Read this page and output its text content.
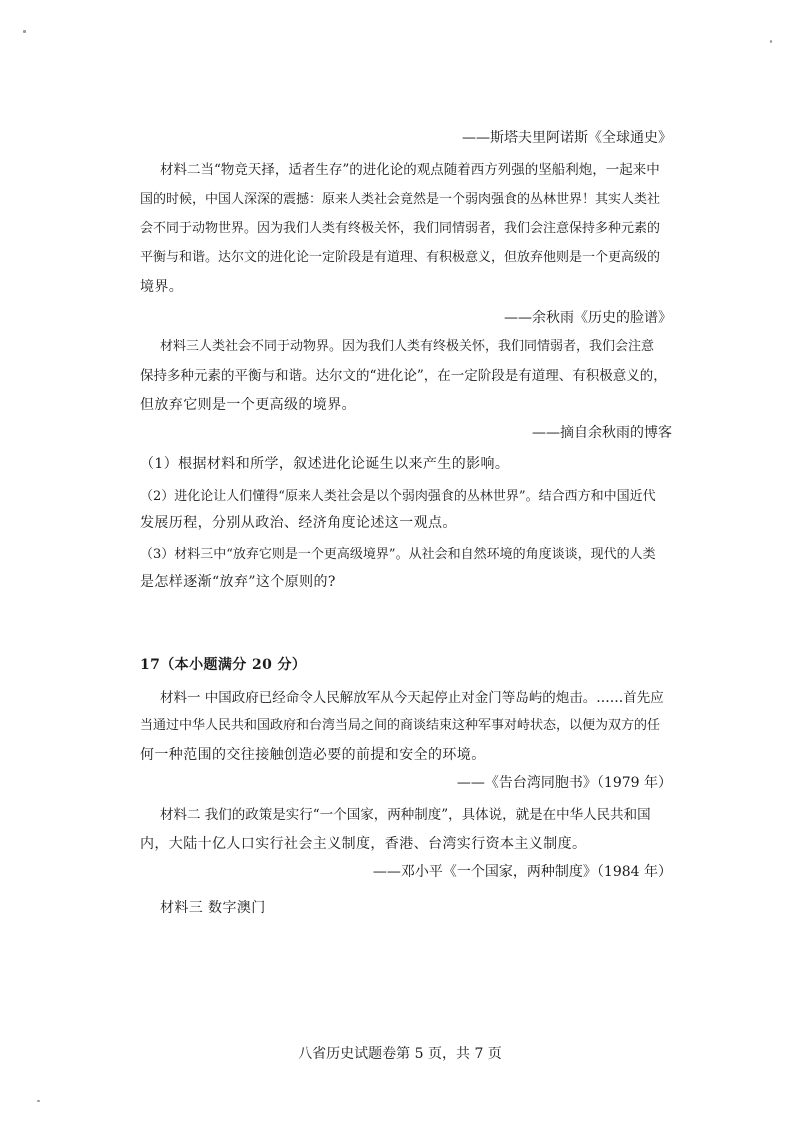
——斯塔夫里阿诺斯《全球通史》
材料二当“物竞天择，适者生存”的进化论的观点随着西方列强的坚船利炮，一起来中
国的时候，中国人深深的震撼：原来人类社会竟然是一个弱肉强食的丛林世界！其实人类社
会不同于动物世界。因为我们人类有终极关怀，我们同情弱者，我们会注意保持多种元素的
平衡与和谐。达尔文的进化论一定阶段是有道理、有积极意义，但放弃他则是一个更高级的
境界。
——余秋雨《历史的脸谱》
材料三人类社会不同于动物界。因为我们人类有终极关怀，我们同情弱者，我们会注意
保持多种元素的平衡与和谐。达尔文的“进化论”，在一定阶段是有道理、有积极意义的，
但放弃它则是一个更高级的境界。
——摘自余秋雨的博客
（1）根据材料和所学，叙述进化论诞生以来产生的影响。
（2）进化论让人们懂得“原来人类社会是以个弱肉强食的丛林世界”。结合西方和中国近代
发展历程，分别从政治、经济角度论述这一观点。
（3）材料三中“放弃它则是一个更高级境界”。从社会和自然环境的角度谈谈，现代的人类
是怎样逐渐“放弃”这个原则的?
17（本小题满分 20 分）
材料一 中国政府已经命令人民解放军从今天起停止对金门等岛屿的炮击。……首先应
当通过中华人民共和国政府和台湾当局之间的商谈结束这种军事对峙状态，以便为双方的任
何一种范围的交往接触创造必要的前提和安全的环境。
——《告台湾同胞书》（1979 年）
材料二 我们的政策是实行“一个国家，两种制度”，具体说，就是在中华人民共和国
内，大陆十亿人口实行社会主义制度，香港、台湾实行资本主义制度。
——邓小平《一个国家，两种制度》（1984 年）
材料三 数字澳门
八省历史试题卷第 5 页，共 7 页
